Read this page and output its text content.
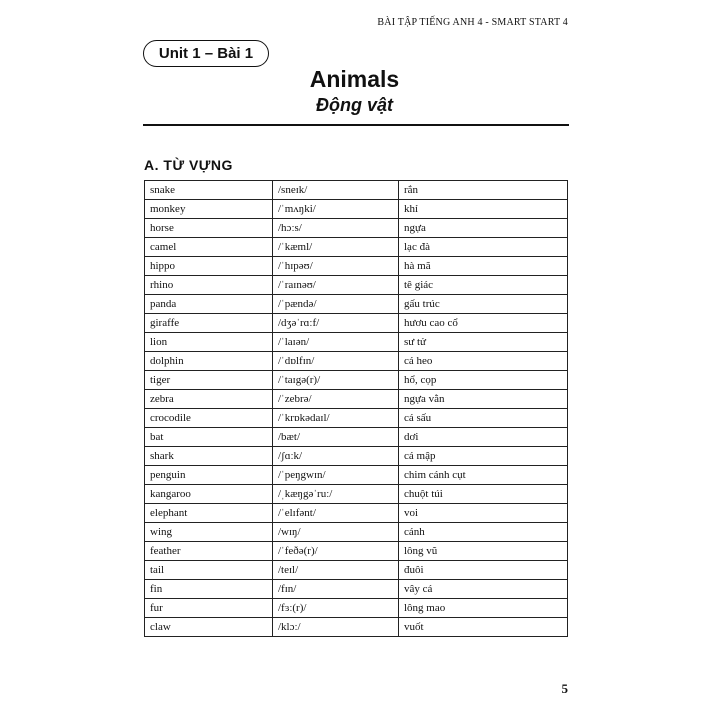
BÀI TẬP TIẾNG ANH 4 - SMART START 4
Unit 1 – Bài 1
Animals
Động vật
A. TỪ VỰNG
snake	/sneɪk/	rắn
monkey	/ˈmʌŋki/	khỉ
horse	/hɔːs/	ngựa
camel	/ˈkæml/	lạc đà
hippo	/ˈhɪpəʊ/	hà mã
rhino	/ˈraɪnəʊ/	tê giác
panda	/ˈpændə/	gấu trúc
giraffe	/dʒəˈrɑːf/	hươu cao cổ
lion	/ˈlaɪən/	sư tử
dolphin	/ˈdɒlfɪn/	cá heo
tiger	/ˈtaɪgə(r)/	hổ, cọp
zebra	/ˈzebrə/	ngựa vằn
crocodile	/ˈkrɒkədaɪl/	cá sấu
bat	/bæt/	dơi
shark	/ʃɑːk/	cá mập
penguin	/ˈpeŋgwɪn/	chim cánh cụt
kangaroo	/ˌkæŋgəˈruː/	chuột túi
elephant	/ˈelɪfənt/	voi
wing	/wɪŋ/	cánh
feather	/ˈfeðə(r)/	lông vũ
tail	/teɪl/	đuôi
fin	/fɪn/	vây cá
fur	/fɜː(r)/	lông mao
claw	/klɔː/	vuốt
5
